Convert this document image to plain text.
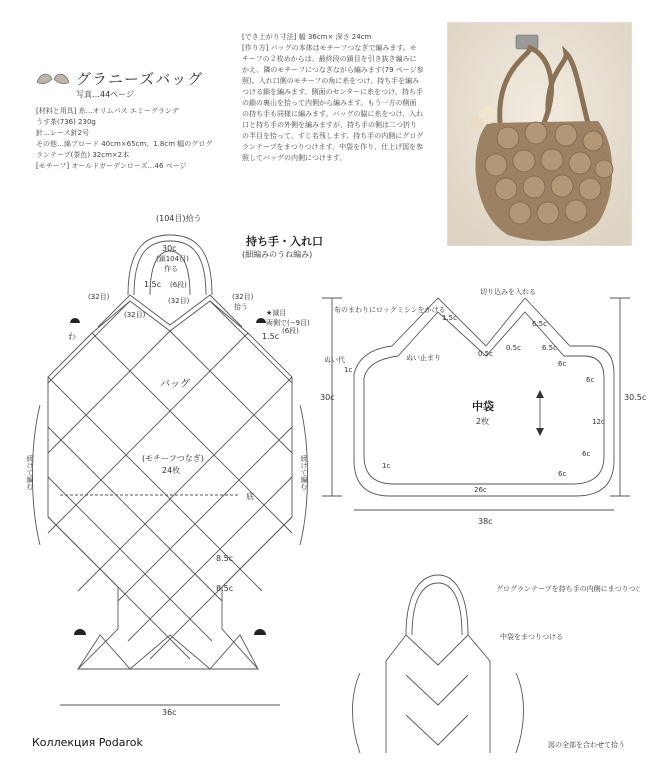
グラニーズバッグ
写真…44ページ
[材料と用具] 糸…オリムパス エミーグランデ
うす茶(736) 230g
針…レース針2号
その他…綿ブロード 40cm×65cm、1.8cm 幅のグログ
ランテープ(茶色) 32cm×2本
[モチーフ] オールドガーデンローズ…46 ページ
[でき上がり寸法] 幅 36cm× 深さ 24cm
[作り方] バッグの本体はモチーフつなぎで編みます。モ
チーフの２枚めからは、最終段の鎖目を引き抜き編みに
かえ、隣のモチーフにつなぎながら編みます(79 ページ参
照)。入れ口側のモチーフの角に糸をつけ、持ち手を編み
つける鎖を編みます。側面のセンターに糸をつけ、持ち手
の鎖の裏山を拾って内側から編みます。もう一方の側面
の持ち手も同様に編みます。バッグの脇に糸をつけ、入れ
口と持ち手の外側を編みますが、持ち手の側は二つ折り
の半目を拾って、すじ名残します。持ち手の内側にグログ
ランテープをまつりつけます。中袋を作り、仕上げ図を参
照してバッグの内側につけます。
(104目)拾う
30c
(鎖104目)
作る
1.5c (6段)
(32目)	(32目)
(32目)
(32目)
拾う
わ
★減目
両側で(−9目)
1.5c
(6段)
バッグ
(モチーフつなぎ)
24枚
底
8.5c
8.5c
36c
続けて編む	続けて編む
持ち手・入れ口
(細編みのうね編み)
中袋
2枚
切り込みを入れる
布のまわりにロックミシンをかける
ぬい代
1c
ぬい止まり
1.5c
0.5c
6.5c
0.5c	6.5c
6c
6c
12c
6c
6c
1c
26c
30c	30.5c
38c
グログランテープを持ち手の内側にまつりつける
中袋をまつりつける
図の全部を合わせて拾う
Коллекция Podarok
